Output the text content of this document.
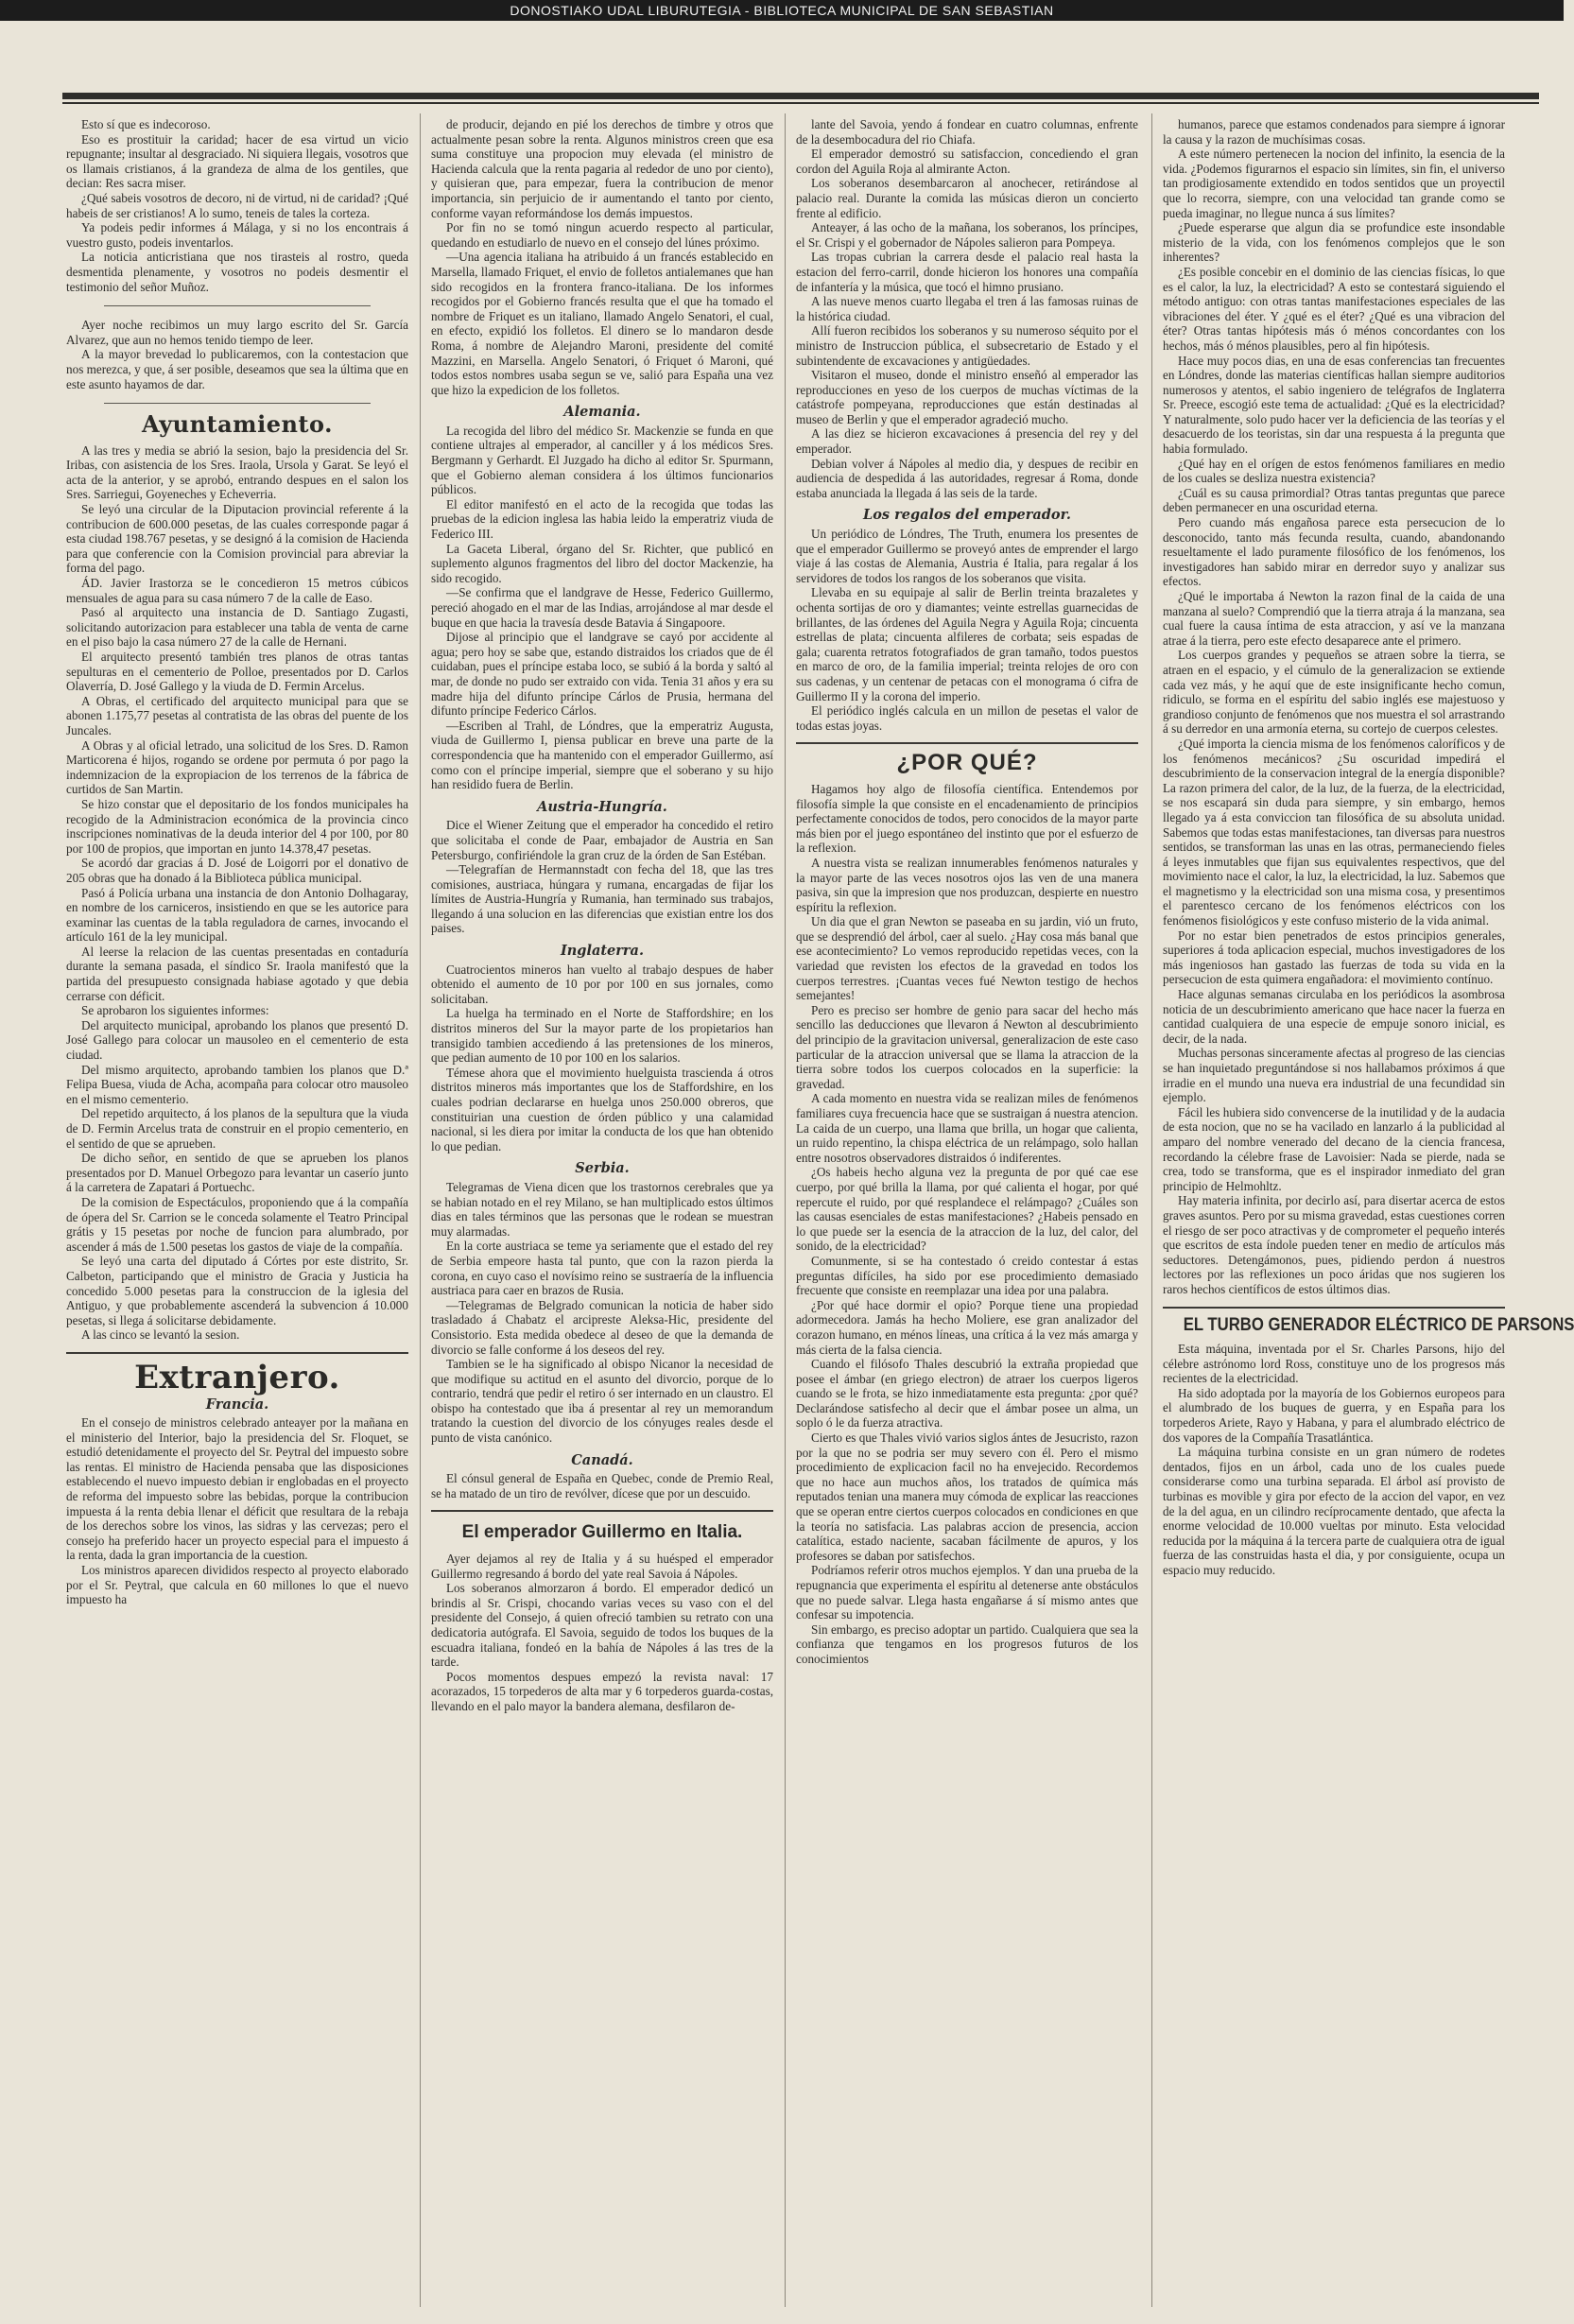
DONOSTIAKO UDAL LIBURUTEGIA - BIBLIOTECA MUNICIPAL DE SAN SEBASTIAN

Esto sí que es indecoroso.

Eso es prostituir la caridad; hacer de esa virtud un vicio repugnante; insultar al desgraciado. Ni siquiera llegais, vosotros que os llamais cristianos, á la grandeza de alma de los gentiles, que decian: Res sacra miser.

¿Qué sabeis vosotros de decoro, ni de virtud, ni de caridad? ¡Qué habeis de ser cristianos! A lo sumo, teneis de tales la corteza.

Ya podeis pedir informes á Málaga, y si no los encontrais á vuestro gusto, podeis inventarlos.

La noticia anticristiana que nos tirasteis al rostro, queda desmentida plenamente, y vosotros no podeis desmentir el testimonio del señor Muñoz.

Ayer noche recibimos un muy largo escrito del Sr. García Alvarez, que aun no hemos tenido tiempo de leer.

A la mayor brevedad lo publicaremos, con la contestacion que nos merezca, y que, á ser posible, deseamos que sea la última que en este asunto hayamos de dar.

Ayuntamiento.

A las tres y media se abrió la sesion, bajo la presidencia del Sr. Iribas, con asistencia de los Sres. Iraola, Ursola y Garat. Se leyó el acta de la anterior, y se aprobó, entrando despues en el salon los Sres. Sarriegui, Goyeneches y Echeverria.

Se leyó una circular de la Diputacion provincial referente á la contribucion de 600.000 pesetas, de las cuales corresponde pagar á esta ciudad 198.767 pesetas, y se designó á la comision de Hacienda para que conferencie con la Comision provincial para abreviar la forma del pago.

ÁD. Javier Irastorza se le concedieron 15 metros cúbicos mensuales de agua para su casa número 7 de la calle de Easo.

Pasó al arquitecto una instancia de D. Santiago Zugasti, solicitando autorizacion para establecer una tabla de venta de carne en el piso bajo la casa número 27 de la calle de Hernani.

El arquitecto presentó también tres planos de otras tantas sepulturas en el cementerio de Polloe, presentados por D. Carlos Olaverría, D. José Gallego y la viuda de D. Fermin Arcelus.

A Obras, el certificado del arquitecto municipal para que se abonen 1.175,77 pesetas al contratista de las obras del puente de los Juncales.

A Obras y al oficial letrado, una solicitud de los Sres. D. Ramon Marticorena é hijos, rogando se ordene por permuta ó por pago la indemnizacion de la expropiacion de los terrenos de la fábrica de curtidos de San Martin.

Se hizo constar que el depositario de los fondos municipales ha recogido de la Administracion económica de la provincia cinco inscripciones nominativas de la deuda interior del 4 por 100, por 80 por 100 de propios, que importan en junto 14.378,47 pesetas.

Se acordó dar gracias á D. José de Loigorri por el donativo de 205 obras que ha donado á la Biblioteca pública municipal.

Pasó á Policía urbana una instancia de don Antonio Dolhagaray, en nombre de los carniceros, insistiendo en que se les autorice para examinar las cuentas de la tabla reguladora de carnes, invocando el artículo 161 de la ley municipal.

Al leerse la relacion de las cuentas presentadas en contaduría durante la semana pasada, el síndico Sr. Iraola manifestó que la partida del presupuesto consignada habiase agotado y que debia cerrarse con déficit.

Se aprobaron los siguientes informes:

Del arquitecto municipal, aprobando los planos que presentó D. José Gallego para colocar un mausoleo en el cementerio de esta ciudad.

Del mismo arquitecto, aprobando tambien los planos que D.ª Felipa Buesa, viuda de Acha, acompaña para colocar otro mausoleo en el mismo cementerio.

Del repetido arquitecto, á los planos de la sepultura que la viuda de D. Fermin Arcelus trata de construir en el propio cementerio, en el sentido de que se aprueben.

De dicho señor, en sentido de que se aprueben los planos presentados por D. Manuel Orbegozo para levantar un caserío junto á la carretera de Zapatari á Portuechc.

De la comision de Espectáculos, proponiendo que á la compañía de ópera del Sr. Carrion se le conceda solamente el Teatro Principal grátis y 15 pesetas por noche de funcion para alumbrado, por ascender á más de 1.500 pesetas los gastos de viaje de la compañía.

Se leyó una carta del diputado á Córtes por este distrito, Sr. Calbeton, participando que el ministro de Gracia y Justicia ha concedido 5.000 pesetas para la construccion de la iglesia del Antiguo, y que probablemente ascenderá la subvencion á 10.000 pesetas, si llega á solicitarse debidamente.

A las cinco se levantó la sesion.

Extranjero.
Francia.

En el consejo de ministros celebrado anteayer por la mañana en el ministerio del Interior, bajo la presidencia del Sr. Floquet, se estudió detenidamente el proyecto del Sr. Peytral del impuesto sobre las rentas. El ministro de Hacienda pensaba que las disposiciones establecendo el nuevo impuesto debian ir englobadas en el proyecto de reforma del impuesto sobre las bebidas, porque la contribucion impuesta á la renta debia llenar el déficit que resultara de la rebaja de los derechos sobre los vinos, las sidras y las cervezas; pero el consejo ha preferido hacer un proyecto especial para el impuesto á la renta, dada la gran importancia de la cuestion.

Los ministros aparecen divididos respecto al proyecto elaborado por el Sr. Peytral, que calcula en 60 millones lo que el nuevo impuesto ha

de producir, dejando en pié los derechos de timbre y otros que actualmente pesan sobre la renta. Algunos ministros creen que esa suma constituye una propocion muy elevada (el ministro de Hacienda calcula que la renta pagaria al rededor de uno por ciento), y quisieran que, para empezar, fuera la contribucion de menor importancia, sin perjuicio de ir aumentando el tanto por ciento, conforme vayan reformándose los demás impuestos.

Por fin no se tomó ningun acuerdo respecto al particular, quedando en estudiarlo de nuevo en el consejo del lúnes próximo.

—Una agencia italiana ha atribuido á un francés establecido en Marsella, llamado Friquet, el envio de folletos antialemanes que han sido recogidos en la frontera franco-italiana. De los informes recogidos por el Gobierno francés resulta que el que ha tomado el nombre de Friquet es un italiano, llamado Angelo Senatori, el cual, en efecto, expidió los folletos. El dinero se lo mandaron desde Roma, á nombre de Alejandro Maroni, presidente del comité Mazzini, en Marsella. Angelo Senatori, ó Friquet ó Maroni, qué todos estos nombres usaba segun se ve, salió para España una vez que hizo la expedicion de los folletos.

Alemania.

La recogida del libro del médico Sr. Mackenzie se funda en que contiene ultrajes al emperador, al canciller y á los médicos Sres. Bergmann y Gerhardt. El Juzgado ha dicho al editor Sr. Spurmann, que el Gobierno aleman considera á los últimos funcionarios públicos.

El editor manifestó en el acto de la recogida que todas las pruebas de la edicion inglesa las habia leido la emperatriz viuda de Federico III.

La Gaceta Liberal, órgano del Sr. Richter, que publicó en suplemento algunos fragmentos del libro del doctor Mackenzie, ha sido recogido.

—Se confirma que el landgrave de Hesse, Federico Guillermo, pereció ahogado en el mar de las Indias, arrojándose al mar desde el buque en que hacia la travesía desde Batavia á Singapoore.

Dijose al principio que el landgrave se cayó por accidente al agua; pero hoy se sabe que, estando distraidos los criados que de él cuidaban, pues el príncipe estaba loco, se subió á la borda y saltó al mar, de donde no pudo ser extraido con vida. Tenia 31 años y era su madre hija del difunto príncipe Cárlos de Prusia, hermana del difunto príncipe Federico Cárlos.

—Escriben al Trahl, de Lóndres, que la emperatriz Augusta, viuda de Guillermo I, piensa publicar en breve una parte de la correspondencia que ha mantenido con el emperador Guillermo, así como con el príncipe imperial, siempre que el soberano y su hijo han residido fuera de Berlin.

Austria-Hungría.

Dice el Wiener Zeitung que el emperador ha concedido el retiro que solicitaba el conde de Paar, embajador de Austria en San Petersburgo, confiriéndole la gran cruz de la órden de San Estéban.

—Telegrafían de Hermannstadt con fecha del 18, que las tres comisiones, austriaca, húngara y rumana, encargadas de fijar los límites de Austria-Hungría y Rumania, han terminado sus trabajos, llegando á una solucion en las diferencias que existian entre los dos paises.

Inglaterra.

Cuatrocientos mineros han vuelto al trabajo despues de haber obtenido el aumento de 10 por por 100 en sus jornales, como solicitaban.

La huelga ha terminado en el Norte de Staffordshire; en los distritos mineros del Sur la mayor parte de los propietarios han transigido tambien accediendo á las pretensiones de los mineros, que pedian aumento de 10 por 100 en los salarios.

Témese ahora que el movimiento huelguista trascienda á otros distritos mineros más importantes que los de Staffordshire, en los cuales podrian declararse en huelga unos 250.000 obreros, que constituirian una cuestion de órden público y una calamidad nacional, si les diera por imitar la conducta de los que han obtenido lo que pedian.

Serbia.

Telegramas de Viena dicen que los trastornos cerebrales que ya se habian notado en el rey Milano, se han multiplicado estos últimos dias en tales términos que las personas que le rodean se muestran muy alarmadas.

En la corte austriaca se teme ya seriamente que el estado del rey de Serbia empeore hasta tal punto, que con la razon pierda la corona, en cuyo caso el novísimo reino se sustraería de la influencia austriaca para caer en brazos de Rusia.

—Telegramas de Belgrado comunican la noticia de haber sido trasladado á Chabatz el arcipreste Aleksa-Hic, presidente del Consistorio. Esta medida obedece al deseo de que la demanda de divorcio se falle conforme á los deseos del rey.

Tambien se le ha significado al obispo Nicanor la necesidad de que modifique su actitud en el asunto del divorcio, porque de lo contrario, tendrá que pedir el retiro ó ser internado en un claustro. El obispo ha contestado que iba á presentar al rey un memorandum tratando la cuestion del divorcio de los cónyuges reales desde el punto de vista canónico.

Canadá.

El cónsul general de España en Quebec, conde de Premio Real, se ha matado de un tiro de revólver, dícese que por un descuido.

El emperador Guillermo en Italia.

Ayer dejamos al rey de Italia y á su huésped el emperador Guillermo regresando á bordo del yate real Savoia á Nápoles.

Los soberanos almorzaron á bordo. El emperador dedicó un brindis al Sr. Crispi, chocando varias veces su vaso con el del presidente del Consejo, á quien ofreció tambien su retrato con una dedicatoria autógrafa. El Savoia, seguido de todos los buques de la escuadra italiana, fondeó en la bahía de Nápoles á las tres de la tarde.

Pocos momentos despues empezó la revista naval: 17 acorazados, 15 torpederos de alta mar y 6 torpederos guarda-costas, llevando en el palo mayor la bandera alemana, desfilaron de-

lante del Savoia, yendo á fondear en cuatro columnas, enfrente de la desembocadura del rio Chiafa.

El emperador demostró su satisfaccion, concediendo el gran cordon del Aguila Roja al almirante Acton.

Los soberanos desembarcaron al anochecer, retirándose al palacio real. Durante la comida las músicas dieron un concierto frente al edificio.

Anteayer, á las ocho de la mañana, los soberanos, los príncipes, el Sr. Crispi y el gobernador de Nápoles salieron para Pompeya.

Las tropas cubrian la carrera desde el palacio real hasta la estacion del ferro-carril, donde hicieron los honores una compañía de infantería y la música, que tocó el himno prusiano.

A las nueve menos cuarto llegaba el tren á las famosas ruinas de la histórica ciudad.

Allí fueron recibidos los soberanos y su numeroso séquito por el ministro de Instruccion pública, el subsecretario de Estado y el subintendente de excavaciones y antigüedades.

Visitaron el museo, donde el ministro enseñó al emperador las reproducciones en yeso de los cuerpos de muchas víctimas de la catástrofe pompeyana, reproducciones que están destinadas al museo de Berlin y que el emperador agradeció mucho.

A las diez se hicieron excavaciones á presencia del rey y del emperador.

Debian volver á Nápoles al medio dia, y despues de recibir en audiencia de despedida á las autoridades, regresar á Roma, donde estaba anunciada la llegada á las seis de la tarde.

Los regalos del emperador.

Un periódico de Lóndres, The Truth, enumera los presentes de que el emperador Guillermo se proveyó antes de emprender el largo viaje á las costas de Alemania, Austria é Italia, para regalar á los servidores de todos los rangos de los soberanos que visita.

Llevaba en su equipaje al salir de Berlin treinta brazaletes y ochenta sortijas de oro y diamantes; veinte estrellas guarnecidas de brillantes, de las órdenes del Aguila Negra y Aguila Roja; cincuenta estrellas de plata; cincuenta alfileres de corbata; seis espadas de gala; cuarenta retratos fotografiados de gran tamaño, todos puestos en marco de oro, de la familia imperial; treinta relojes de oro con sus cadenas, y un centenar de petacas con el monograma ó cifra de Guillermo II y la corona del imperio.

El periódico inglés calcula en un millon de pesetas el valor de todas estas joyas.

¿POR QUÉ?

Hagamos hoy algo de filosofía científica. Entendemos por filosofía simple la que consiste en el encadenamiento de principios perfectamente conocidos de todos, pero conocidos de la mayor parte más bien por el juego espontáneo del instinto que por el esfuerzo de la reflexion.

A nuestra vista se realizan innumerables fenómenos naturales y la mayor parte de las veces nosotros ojos las ven de una manera pasiva, sin que la impresion que nos produzcan, despierte en nuestro espíritu la reflexion.

Un dia que el gran Newton se paseaba en su jardin, vió un fruto, que se desprendió del árbol, caer al suelo. ¿Hay cosa más banal que ese acontecimiento? Lo vemos reproducido repetidas veces, con la variedad que revisten los efectos de la gravedad en todos los cuerpos terrestres. ¡Cuantas veces fué Newton testigo de hechos semejantes!

Pero es preciso ser hombre de genio para sacar del hecho más sencillo las deducciones que llevaron á Newton al descubrimiento del principio de la gravitacion universal, generalizacion de este caso particular de la atraccion universal que se llama la atraccion de la tierra sobre todos los cuerpos colocados en la superficie: la gravedad.

A cada momento en nuestra vida se realizan miles de fenómenos familiares cuya frecuencia hace que se sustraigan á nuestra atencion. La caida de un cuerpo, una llama que brilla, un hogar que calienta, un ruido repentino, la chispa eléctrica de un relámpago, solo hallan entre nosotros observadores distraidos ó indiferentes.

¿Os habeis hecho alguna vez la pregunta de por qué cae ese cuerpo, por qué brilla la llama, por qué calienta el hogar, por qué repercute el ruido, por qué resplandece el relámpago? ¿Cuáles son las causas esenciales de estas manifestaciones? ¿Habeis pensado en lo que puede ser la esencia de la atraccion de la luz, del calor, del sonido, de la electricidad?

Comunmente, si se ha contestado ó creido contestar á estas preguntas difíciles, ha sido por ese procedimiento demasiado frecuente que consiste en reemplazar una idea por una palabra.

¿Por qué hace dormir el opio? Porque tiene una propiedad adormecedora. Jamás ha hecho Moliere, ese gran analizador del corazon humano, en ménos líneas, una crítica á la vez más amarga y más cierta de la falsa ciencia.

Cuando el filósofo Thales descubrió la extraña propiedad que posee el ámbar (en griego electron) de atraer los cuerpos ligeros cuando se le frota, se hizo inmediatamente esta pregunta: ¿por qué? Declarándose satisfecho al decir que el ámbar posee un alma, un soplo ó le da fuerza atractiva.

Cierto es que Thales vivió varios siglos ántes de Jesucristo, razon por la que no se podria ser muy severo con él. Pero el mismo procedimiento de explicacion facil no ha envejecido. Recordemos que no hace aun muchos años, los tratados de química más reputados tenian una manera muy cómoda de explicar las reacciones que se operan entre ciertos cuerpos colocados en condiciones en que la teoría no satisfacia. Las palabras accion de presencia, accion catalítica, estado naciente, sacaban fácilmente de apuros, y los profesores se daban por satisfechos.

Podríamos referir otros muchos ejemplos. Y dan una prueba de la repugnancia que experimenta el espíritu al detenerse ante obstáculos que no puede salvar. Llega hasta engañarse á sí mismo antes que confesar su impotencia.

Sin embargo, es preciso adoptar un partido. Cualquiera que sea la confianza que tengamos en los progresos futuros de los conocimientos

humanos, parece que estamos condenados para siempre á ignorar la causa y la razon de muchísimas cosas.

A este número pertenecen la nocion del infinito, la esencia de la vida. ¿Podemos figurarnos el espacio sin límites, sin fin, el universo tan prodigiosamente extendido en todos sentidos que un proyectil que lo recorra, siempre, con una velocidad tan grande como se pueda imaginar, no llegue nunca á sus límites?

¿Puede esperarse que algun dia se profundice este insondable misterio de la vida, con los fenómenos complejos que le son inherentes?

¿Es posible concebir en el dominio de las ciencias físicas, lo que es el calor, la luz, la electricidad? A esto se contestará siguiendo el método antiguo: con otras tantas manifestaciones especiales de las vibraciones del éter. Y ¿qué es el éter? ¿Qué es una vibracion del éter? Otras tantas hipótesis más ó ménos concordantes con los hechos, más ó ménos plausibles, pero al fin hipótesis.

Hace muy pocos dias, en una de esas conferencias tan frecuentes en Lóndres, donde las materias científicas hallan siempre auditorios numerosos y atentos, el sabio ingeniero de telégrafos de Inglaterra Sr. Preece, escogió este tema de actualidad: ¿Qué es la electricidad? Y naturalmente, solo pudo hacer ver la deficiencia de las teorías y el desacuerdo de los teoristas, sin dar una respuesta á la pregunta que habia formulado.

¿Qué hay en el orígen de estos fenómenos familiares en medio de los cuales se desliza nuestra existencia?

¿Cuál es su causa primordial? Otras tantas preguntas que parece deben permanecer en una oscuridad eterna.

Pero cuando más engañosa parece esta persecucion de lo desconocido, tanto más fecunda resulta, cuando, abandonando resueltamente el lado puramente filosófico de los fenómenos, los investigadores han sabido mirar en derredor suyo y analizar sus efectos.

¿Qué le importaba á Newton la razon final de la caida de una manzana al suelo? Comprendió que la tierra atraja á la manzana, sea cual fuere la causa íntima de esta atraccion, y así ve la manzana atrae á la tierra, pero este efecto desaparece ante el primero.

Los cuerpos grandes y pequeños se atraen sobre la tierra, se atraen en el espacio, y el cúmulo de la generalizacion se extiende cada vez más, y he aquí que de este insignificante hecho comun, ridiculo, se forma en el espíritu del sabio inglés ese majestuoso y grandioso conjunto de fenómenos que nos muestra el sol arrastrando á su derredor en una armonía eterna, su cortejo de cuerpos celestes.

¿Qué importa la ciencia misma de los fenómenos caloríficos y de los fenómenos mecánicos? ¿Su oscuridad impedirá el descubrimiento de la conservacion integral de la energía disponible? La razon primera del calor, de la luz, de la fuerza, de la electricidad, se nos escapará sin duda para siempre, y sin embargo, hemos llegado ya á esta conviccion tan filosófica de su absoluta unidad. Sabemos que todas estas manifestaciones, tan diversas para nuestros sentidos, se transforman las unas en las otras, permaneciendo fieles á leyes inmutables que fijan sus equivalentes respectivos, que del movimiento nace el calor, la luz, la electricidad, la luz. Sabemos que el magnetismo y la electricidad son una misma cosa, y presentimos el parentesco cercano de los fenómenos eléctricos con los fenómenos fisiológicos y este confuso misterio de la vida animal.

Por no estar bien penetrados de estos principios generales, superiores á toda aplicacion especial, muchos investigadores de los más ingeniosos han gastado las fuerzas de toda su vida en la persecucion de esta quimera engañadora: el movimiento contínuo.

Hace algunas semanas circulaba en los periódicos la asombrosa noticia de un descubrimiento americano que hace nacer la fuerza en cantidad cualquiera de una especie de empuje sonoro inicial, es decir, de la nada.

Muchas personas sinceramente afectas al progreso de las ciencias se han inquietado preguntándose si nos hallabamos próximos á que irradie en el mundo una nueva era industrial de una fecundidad sin ejemplo.

Fácil les hubiera sido convencerse de la inutilidad y de la audacia de esta nocion, que no se ha vacilado en lanzarlo á la publicidad al amparo del nombre venerado del decano de la ciencia francesa, recordando la célebre frase de Lavoisier: Nada se pierde, nada se crea, todo se transforma, que es el inspirador inmediato del gran principio de Helmohltz.

Hay materia infinita, por decirlo así, para disertar acerca de estos graves asuntos. Pero por su misma gravedad, estas cuestiones corren el riesgo de ser poco atractivas y de comprometer el pequeño interés que escritos de esta índole pueden tener en medio de artículos más seductores. Detengámonos, pues, pidiendo perdon á nuestros lectores por las reflexiones un poco áridas que nos sugieren los raros hechos científicos de estos últimos dias.

EL TURBO GENERADOR ELÉCTRICO DE PARSONS

Esta máquina, inventada por el Sr. Charles Parsons, hijo del célebre astrónomo lord Ross, constituye uno de los progresos más recientes de la electricidad.

Ha sido adoptada por la mayoría de los Gobiernos europeos para el alumbrado de los buques de guerra, y en España para los torpederos Ariete, Rayo y Habana, y para el alumbrado eléctrico de dos vapores de la Compañía Trasatlántica.

La máquina turbina consiste en un gran número de rodetes dentados, fijos en un árbol, cada uno de los cuales puede considerarse como una turbina separada. El árbol así provisto de turbinas es movible y gira por efecto de la accion del vapor, en vez de la del agua, en un cilindro recíprocamente dentado, que afecta la enorme velocidad de 10.000 vueltas por minuto. Esta velocidad reducida por la máquina á la tercera parte de cualquiera otra de igual fuerza de las construidas hasta el dia, y por consiguiente, ocupa un espacio muy reducido.
